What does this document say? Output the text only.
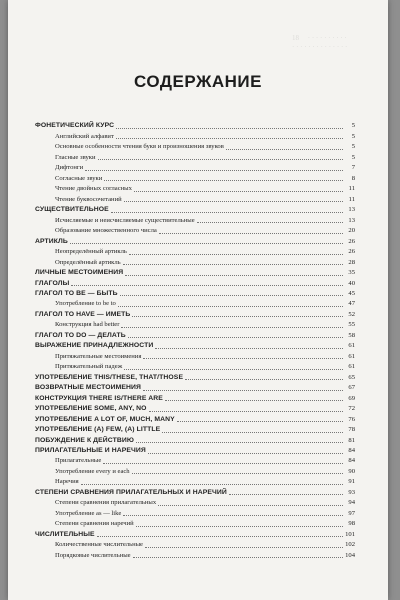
18     · · · · · · · · · ·
· · · · · · · · · · · · · ·
СОДЕРЖАНИЕ
ФОНЕТИЧЕСКИЙ КУРС	5
Английский алфавит	5
Основные особенности чтения букв и произношения звуков	5
Гласные звуки	5
Дифтонги	7
Согласные звуки	8
Чтение двойных согласных	11
Чтение буквосочетаний	11
СУЩЕСТВИТЕЛЬНОЕ	13
Исчисляемые и неисчисляемые существительные	13
Образование множественного числа	20
АРТИКЛЬ	26
Неопределённый артикль	26
Определённый артикль	28
ЛИЧНЫЕ МЕСТОИМЕНИЯ	35
ГЛАГОЛЫ	40
ГЛАГОЛ TO BE — БЫТЬ	45
Употребление to be to	47
ГЛАГОЛ TO HAVE — ИМЕТЬ	52
Конструкция had better	55
ГЛАГОЛ TO DO — ДЕЛАТЬ	58
ВЫРАЖЕНИЕ ПРИНАДЛЕЖНОСТИ	61
Притяжательные местоимения	61
Притяжательный падеж	61
УПОТРЕБЛЕНИЕ THIS/THESE, THAT/THOSE	65
ВОЗВРАТНЫЕ МЕСТОИМЕНИЯ	67
КОНСТРУКЦИЯ THERE IS/THERE ARE	69
УПОТРЕБЛЕНИЕ SOME, ANY, NO	72
УПОТРЕБЛЕНИЕ A LOT OF, MUCH, MANY	76
УПОТРЕБЛЕНИЕ (A) FEW, (A) LITTLE	78
ПОБУЖДЕНИЕ К ДЕЙСТВИЮ	81
ПРИЛАГАТЕЛЬНЫЕ И НАРЕЧИЯ	84
Прилагательные	84
Употребление every и each	90
Наречия	91
СТЕПЕНИ СРАВНЕНИЯ ПРИЛАГАТЕЛЬНЫХ И НАРЕЧИЙ	93
Степени сравнения прилагательных	94
Употребление as — like	97
Степени сравнения наречий	98
ЧИСЛИТЕЛЬНЫЕ	101
Количественные числительные	102
Порядковые числительные	104
